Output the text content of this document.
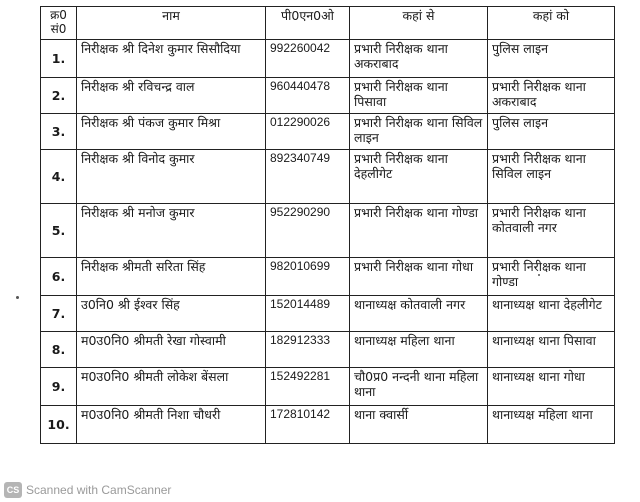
क्र0 सं0	नाम	पी0एन0ओ	कहां से	कहां को
1.	निरीक्षक श्री दिनेश कुमार सिसौदिया	992260042	प्रभारी निरीक्षक थाना अकराबाद	पुलिस लाइन
2.	निरीक्षक श्री रविचन्द्र वाल	960440478	प्रभारी निरीक्षक थाना पिसावा	प्रभारी निरीक्षक थाना अकराबाद
3.	निरीक्षक श्री पंकज कुमार मिश्रा	012290026	प्रभारी निरीक्षक थाना सिविल लाइन	पुलिस लाइन
4.	निरीक्षक श्री विनोद कुमार	892340749	प्रभारी निरीक्षक थाना देहलीगेट	प्रभारी निरीक्षक थाना सिविल लाइन
5.	निरीक्षक श्री मनोज कुमार	952290290	प्रभारी निरीक्षक थाना गोण्डा	प्रभारी निरीक्षक थाना कोतवाली नगर
6.	निरीक्षक श्रीमती सरिता सिंह	982010699	प्रभारी निरीक्षक थाना गोधा	प्रभारी निरीक्षक थाना गोण्डा
7.	उ0नि0 श्री ईश्वर सिंह	152014489	थानाध्यक्ष कोतवाली नगर	थानाध्यक्ष थाना देहलीगेट
8.	म0उ0नि0 श्रीमती रेखा गोस्वामी	182912333	थानाध्यक्ष महिला थाना	थानाध्यक्ष थाना पिसावा
9.	म0उ0नि0 श्रीमती लोकेश बेंसला	152492281	चौ0प्र0 नन्दनी थाना महिला थाना	थानाध्यक्ष थाना गोधा
10.	म0उ0नि0 श्रीमती निशा चौधरी	172810142	थाना क्वार्सी	थानाध्यक्ष महिला थाना
CS Scanned with CamScanner
